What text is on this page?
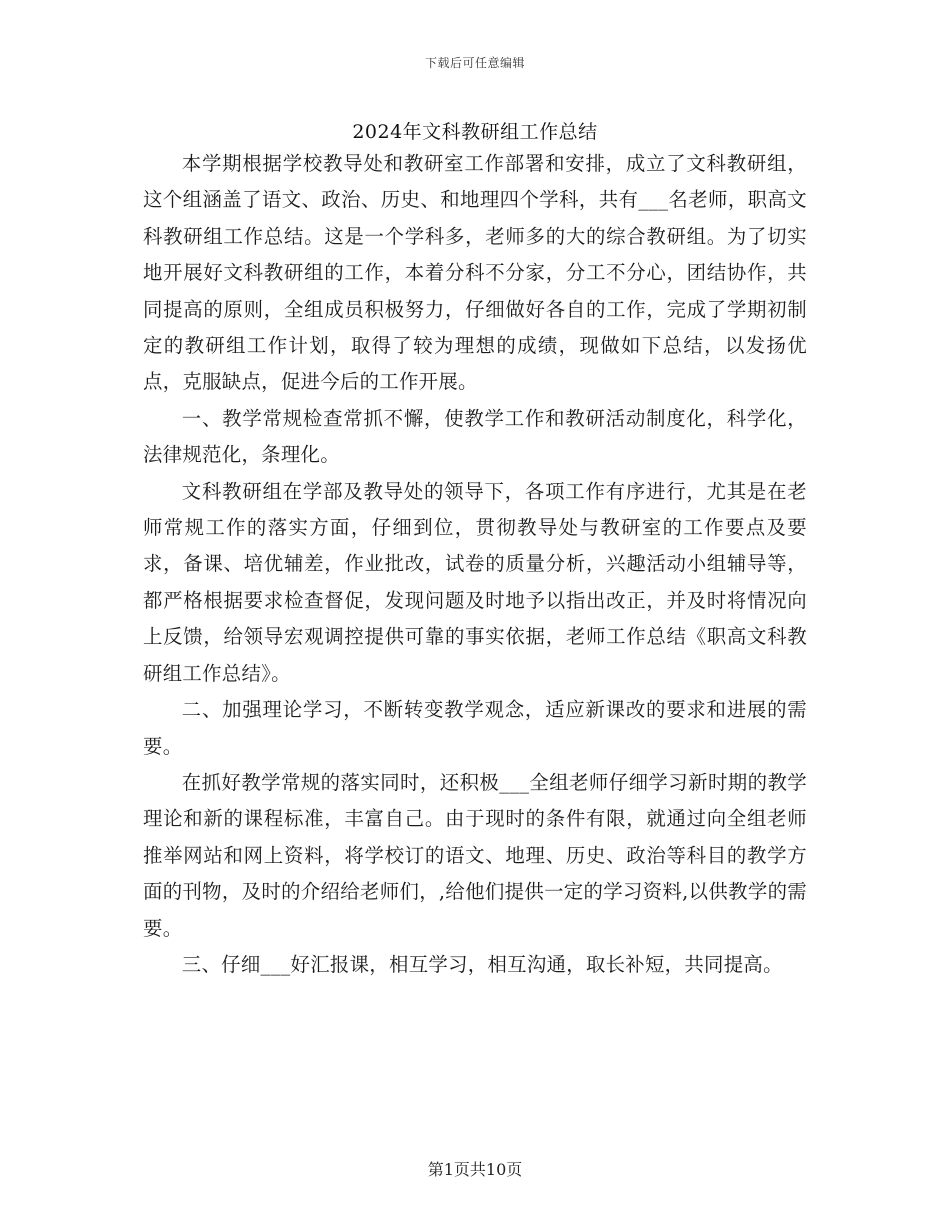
下载后可任意编辑
2024年文科教研组工作总结

本学期根据学校教导处和教研室工作部署和安排，成立了文科教研组，这个组涵盖了语文、政治、历史、和地理四个学科，共有___名老师，职高文科教研组工作总结。这是一个学科多，老师多的大的综合教研组。为了切实地开展好文科教研组的工作，本着分科不分家，分工不分心，团结协作，共同提高的原则，全组成员积极努力，仔细做好各自的工作，完成了学期初制定的教研组工作计划，取得了较为理想的成绩，现做如下总结，以发扬优点，克服缺点，促进今后的工作开展。

一、教学常规检查常抓不懈，使教学工作和教研活动制度化，科学化，法律规范化，条理化。

文科教研组在学部及教导处的领导下，各项工作有序进行，尤其是在老师常规工作的落实方面，仔细到位，贯彻教导处与教研室的工作要点及要求，备课、培优辅差，作业批改，试卷的质量分析，兴趣活动小组辅导等，都严格根据要求检查督促，发现问题及时地予以指出改正，并及时将情况向上反馈，给领导宏观调控提供可靠的事实依据，老师工作总结《职高文科教研组工作总结》。

二、加强理论学习，不断转变教学观念，适应新课改的要求和进展的需要。

在抓好教学常规的落实同时，还积极___全组老师仔细学习新时期的教学理论和新的课程标准，丰富自己。由于现时的条件有限，就通过向全组老师推举网站和网上资料，将学校订的语文、地理、历史、政治等科目的教学方面的刊物，及时的介绍给老师们，,给他们提供一定的学习资料,以供教学的需要。

三、仔细___好汇报课，相互学习，相互沟通，取长补短，共同提高。

第1页共10页
